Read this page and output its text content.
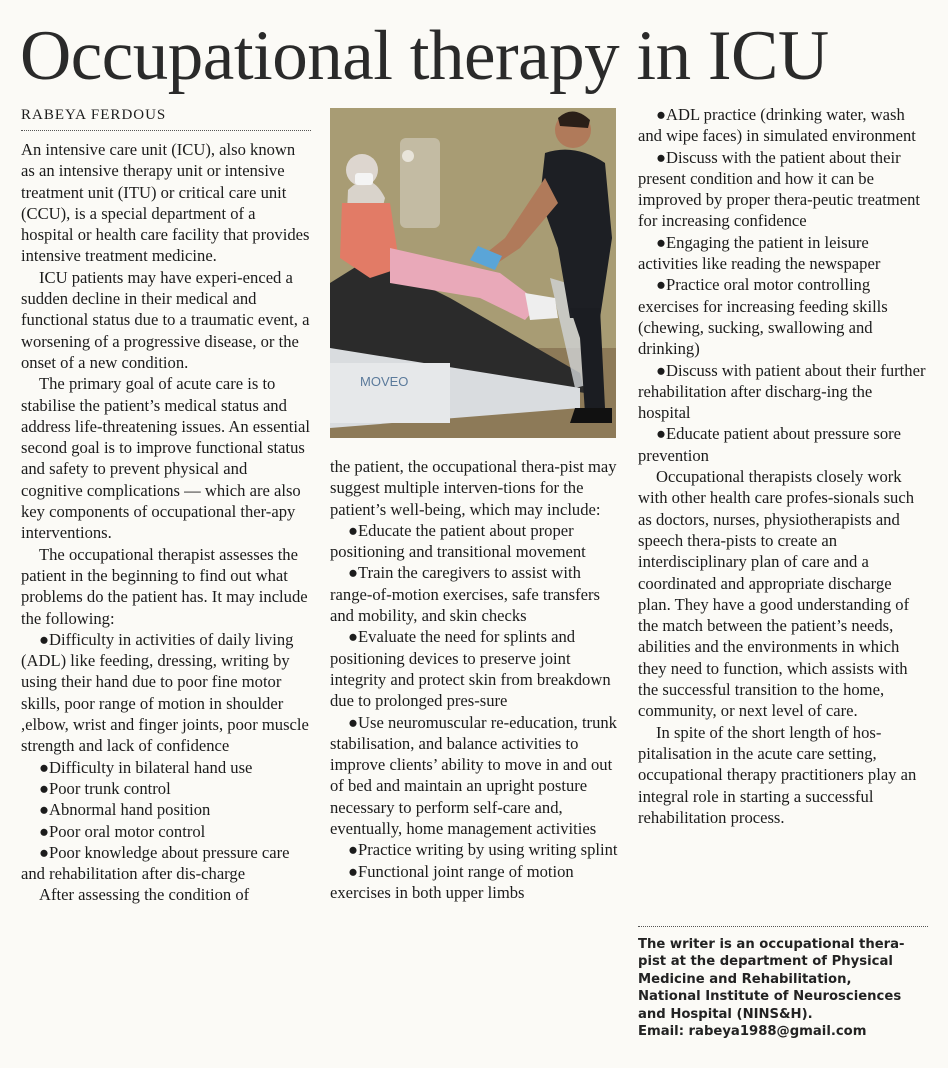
Occupational therapy in ICU
RABEYA FERDOUS

An intensive care unit (ICU), also known as an intensive therapy unit or intensive treatment unit (ITU) or critical care unit (CCU), is a special department of a hospital or health care facility that provides intensive treatment medicine.

ICU patients may have experi-enced a sudden decline in their medical and functional status due to a traumatic event, a worsening of a progressive disease, or the onset of a new condition.

The primary goal of acute care is to stabilise the patient’s medical status and address life-threatening issues. An essential second goal is to improve functional status and safety to prevent physical and cognitive complications — which are also key components of occupational ther-apy interventions.

The occupational therapist assesses the patient in the beginning to find out what problems do the patient has. It may include the following:

●Difficulty in activities of daily living (ADL) like feeding, dressing, writing by using their hand due to poor fine motor skills, poor range of motion in shoulder ,elbow, wrist and finger joints, poor muscle strength and lack of confidence

●Difficulty in bilateral hand use

●Poor trunk control

●Abnormal hand position

●Poor oral motor control

●Poor knowledge about pressure care and rehabilitation after dis-charge

After assessing the condition of

MOVEO

the patient, the occupational thera-pist may suggest multiple interven-tions for the patient’s well-being, which may include:

●Educate the patient about proper positioning and transitional movement

●Train the caregivers to assist with range-of-motion exercises, safe transfers and mobility, and skin checks

●Evaluate the need for splints and positioning devices to preserve joint integrity and protect skin from breakdown due to prolonged pres-sure

●Use neuromuscular re-education, trunk stabilisation, and balance activities to improve clients’ ability to move in and out of bed and maintain an upright posture necessary to perform self-care and, eventually, home management activities

●Practice writing by using writing splint

●Functional joint range of motion exercises in both upper limbs

●ADL practice (drinking water, wash and wipe faces) in simulated environment

●Discuss with the patient about their present condition and how it can be improved by proper thera-peutic treatment for increasing confidence

●Engaging the patient in leisure activities like reading the newspaper

●Practice oral motor controlling exercises for increasing feeding skills (chewing, sucking, swallowing and drinking)

●Discuss with patient about their further rehabilitation after discharg-ing the hospital

●Educate patient about pressure sore prevention

Occupational therapists closely work with other health care profes-sionals such as doctors, nurses, physiotherapists and speech thera-pists to create an interdisciplinary plan of care and a coordinated and appropriate discharge plan. They have a good understanding of the match between the patient’s needs, abilities and the environments in which they need to function, which assists with the successful transition to the home, community, or next level of care.

In spite of the short length of hos-pitalisation in the acute care setting, occupational therapy practitioners play an integral role in starting a successful rehabilitation process.

The writer is an occupational thera-
pist at the department of Physical
Medicine and Rehabilitation,
National Institute of Neurosciences
and Hospital (NINS&H).
Email: rabeya1988@gmail.com
